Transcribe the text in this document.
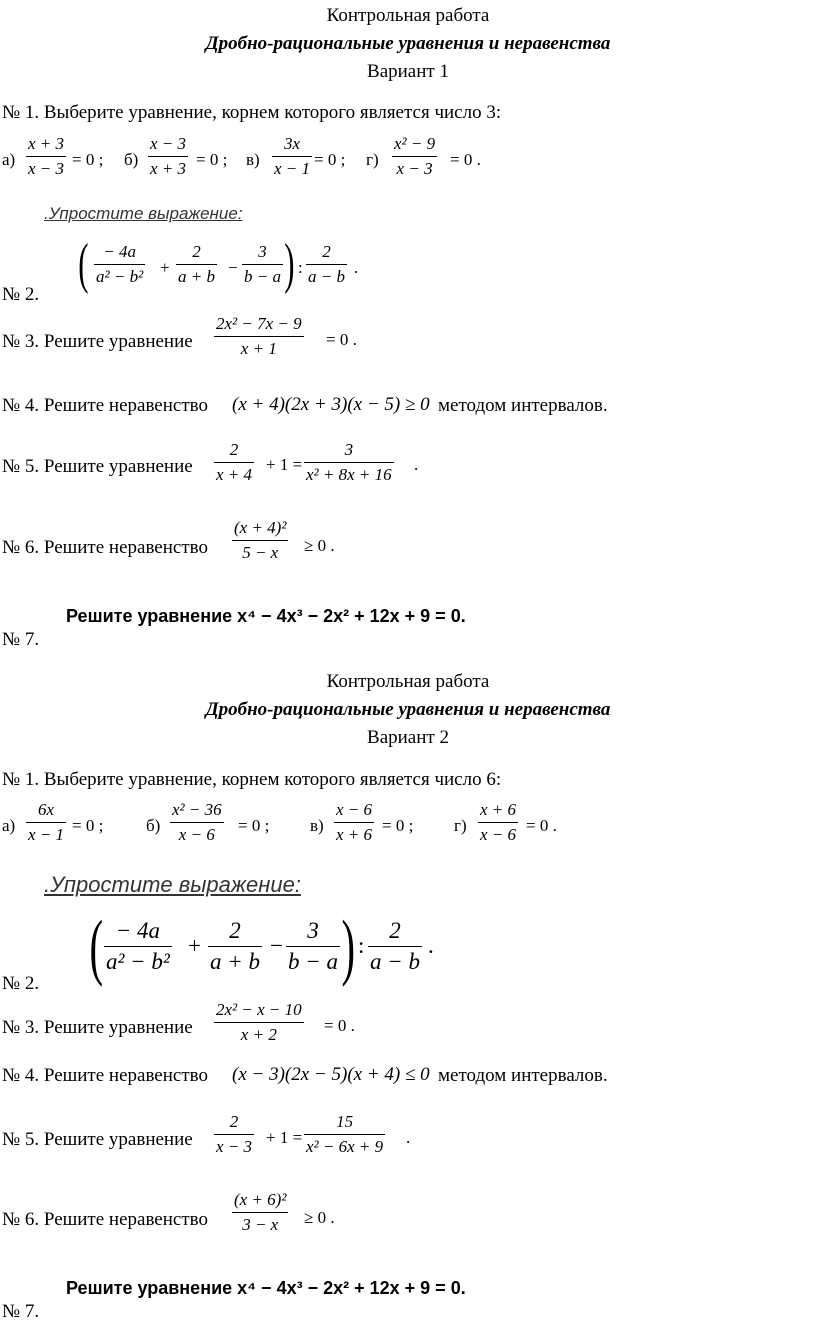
Контрольная работа
Дробно-рациональные уравнения и неравенства
Вариант 1
№ 1. Выберите уравнение, корнем которого является число 3:
$а) \frac{x + 3}{x - 3} = 0$ ; $б) \frac{x - 3}{x + 3} = 0$ ; $в) \frac{3x}{x - 1} = 0$ ; $г) \frac{\text{x² − 9}}{x - 3} = 0$ .
.Упростите выражение:
( $\frac{- 4a}{\text{a² − b²}} + \frac{2}{a + b} - \frac{3}{b - a}$ ) : $\frac{2}{a - b}$ .
№ 2.
№ 3. Решите уравнение $\frac{\text{2x² − 7x − 9}}{x + 1} = 0$ .
№ 4. Решите неравенство (x + 4)(2x + 3)(x − 5) ≥ 0 методом интервалов.
№ 5. Решите уравнение $\frac{2}{x + 4} + 1 = \frac{3}{\text{x² + 8x + 16}}$ .
№ 6. Решите неравенство $\frac{\text{(x + 4)²}}{5 - x} \ge 0$ .
Решите уравнение x⁴ − 4x³ − 2x² + 12x + 9 = 0.
№ 7.
Контрольная работа
Дробно-рациональные уравнения и неравенства
Вариант 2
№ 1. Выберите уравнение, корнем которого является число 6:
$а) \frac{6x}{x - 1} = 0$ ;	$б) \frac{\text{x² − 36}}{x - 6} = 0$ ; $в) \frac{x - 6}{x + 6} = 0$ ; $г) \frac{x + 6}{x - 6} = 0$ .
.Упростите выражение:
( $\frac{- 4a}{\text{a² − b²}} + \frac{2}{a + b} - \frac{3}{b - a}$ ) : $\frac{2}{a - b}$ .
№ 2.
№ 3. Решите уравнение $\frac{\text{2x² − x − 10}}{x + 2} = 0$ .
№ 4. Решите неравенство (x − 3)(2x − 5)(x + 4) ≤ 0 методом интервалов.
№ 5. Решите уравнение $\frac{2}{x - 3} + 1 = \frac{15}{\text{x² − 6x + 9}}$ .
№ 6. Решите неравенство $\frac{\text{(x + 6)²}}{3 - x} \ge 0$ .
Решите уравнение x⁴ − 4x³ − 2x² + 12x + 9 = 0.
№ 7.
